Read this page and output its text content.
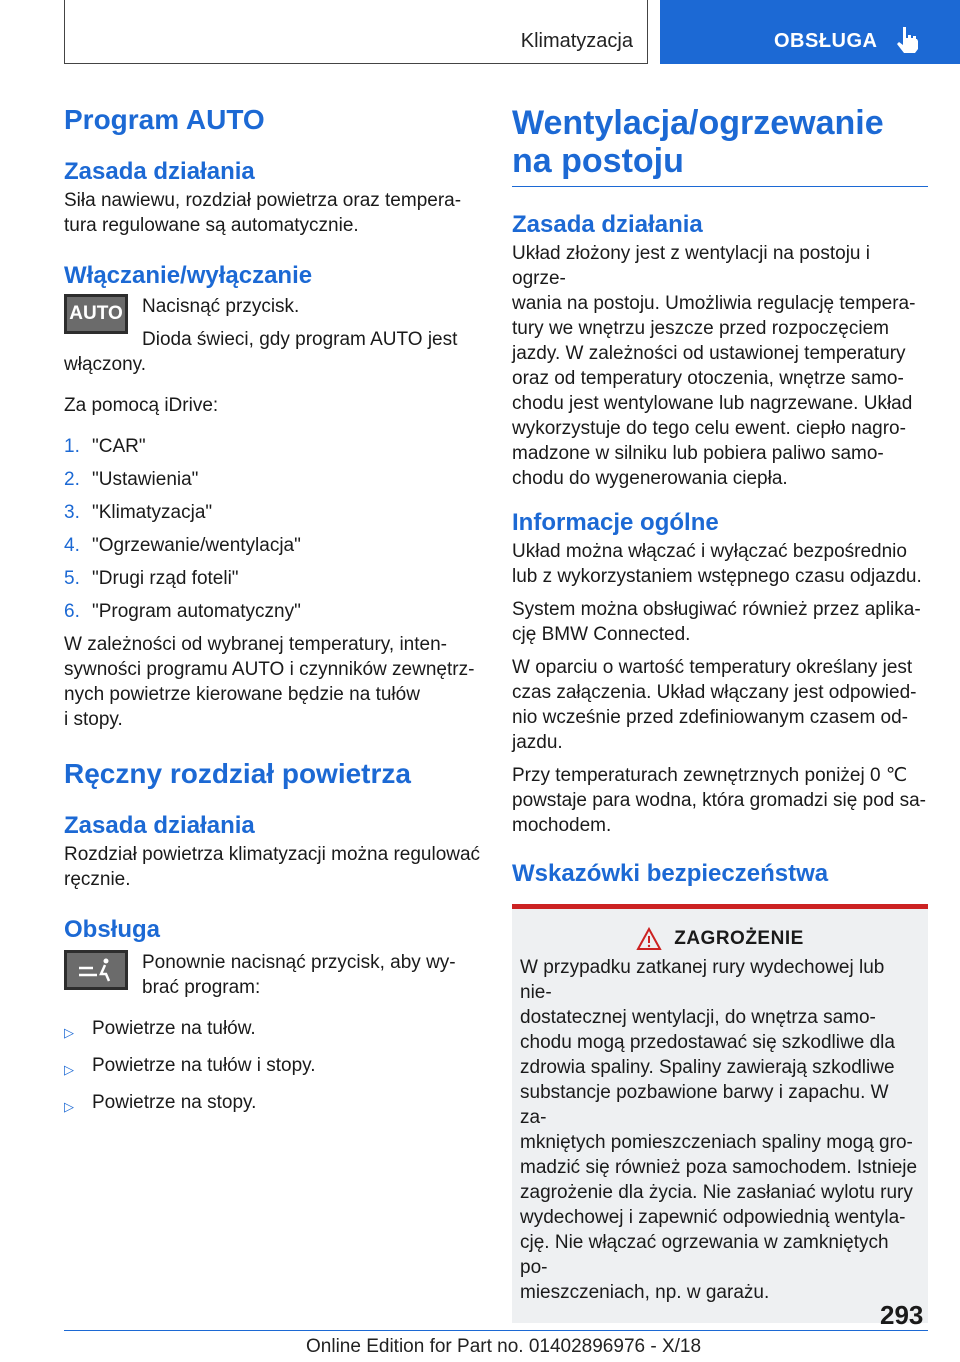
Klimatyzacja	OBSŁUGA
Program AUTO
Zasada działania

Siła nawiewu, rozdział powietrza oraz tempera-

tura regulowane są automatycznie.

Włączanie/wyłączanie
AUTO Nacisnąć przycisk.

Dioda świeci, gdy program AUTO jest

włączony.

Za pomocą iDrive:

1. "CAR"
2. "Ustawienia"
3. "Klimatyzacja"
4. "Ogrzewanie/wentylacja"
5. "Drugi rząd foteli"
6. "Program automatyczny"

W zależności od wybranej temperatury, inten-

sywności programu AUTO i czynników zewnętrz-

nych powietrze kierowane będzie na tułów

i stopy.

Ręczny rozdział powietrza
Zasada działania

Rozdział powietrza klimatyzacji można regulować

ręcznie.

Obsługa

Ponownie nacisnąć przycisk, aby wy-

brać program:

▷ Powietrze na tułów.
▷ Powietrze na tułów i stopy.
▷ Powietrze na stopy.
Wentylacja/ogrzewanie na postoju
Zasada działania

Układ złożony jest z wentylacji na postoju i ogrze-

wania na postoju. Umożliwia regulację tempera-

tury we wnętrzu jeszcze przed rozpoczęciem

jazdy. W zależności od ustawionej temperatury

oraz od temperatury otoczenia, wnętrze samo-

chodu jest wentylowane lub nagrzewane. Układ

wykorzystuje do tego celu ewent. ciepło nagro-

madzone w silniku lub pobiera paliwo samo-

chodu do wygenerowania ciepła.

Informacje ogólne

Układ można włączać i wyłączać bezpośrednio

lub z wykorzystaniem wstępnego czasu odjazdu.

System można obsługiwać również przez aplika-

cję BMW Connected.

W oparciu o wartość temperatury określany jest

czas załączenia. Układ włączany jest odpowied-

nio wcześnie przed zdefiniowanym czasem od-

jazdu.

Przy temperaturach zewnętrznych poniżej 0 ℃

powstaje para wodna, która gromadzi się pod sa-

mochodem.

Wskazówki bezpieczeństwa
ZAGROŻENIE

W przypadku zatkanej rury wydechowej lub nie-

dostatecznej wentylacji, do wnętrza samo-

chodu mogą przedostawać się szkodliwe dla

zdrowia spaliny. Spaliny zawierają szkodliwe

substancje pozbawione barwy i zapachu. W za-

mkniętych pomieszczeniach spaliny mogą gro-

madzić się również poza samochodem. Istnieje

zagrożenie dla życia. Nie zasłaniać wylotu rury

wydechowej i zapewnić odpowiednią wentyla-

cję. Nie włączać ogrzewania w zamkniętych po-

mieszczeniach, np. w garażu.

293
Online Edition for Part no. 01402896976 - X/18
